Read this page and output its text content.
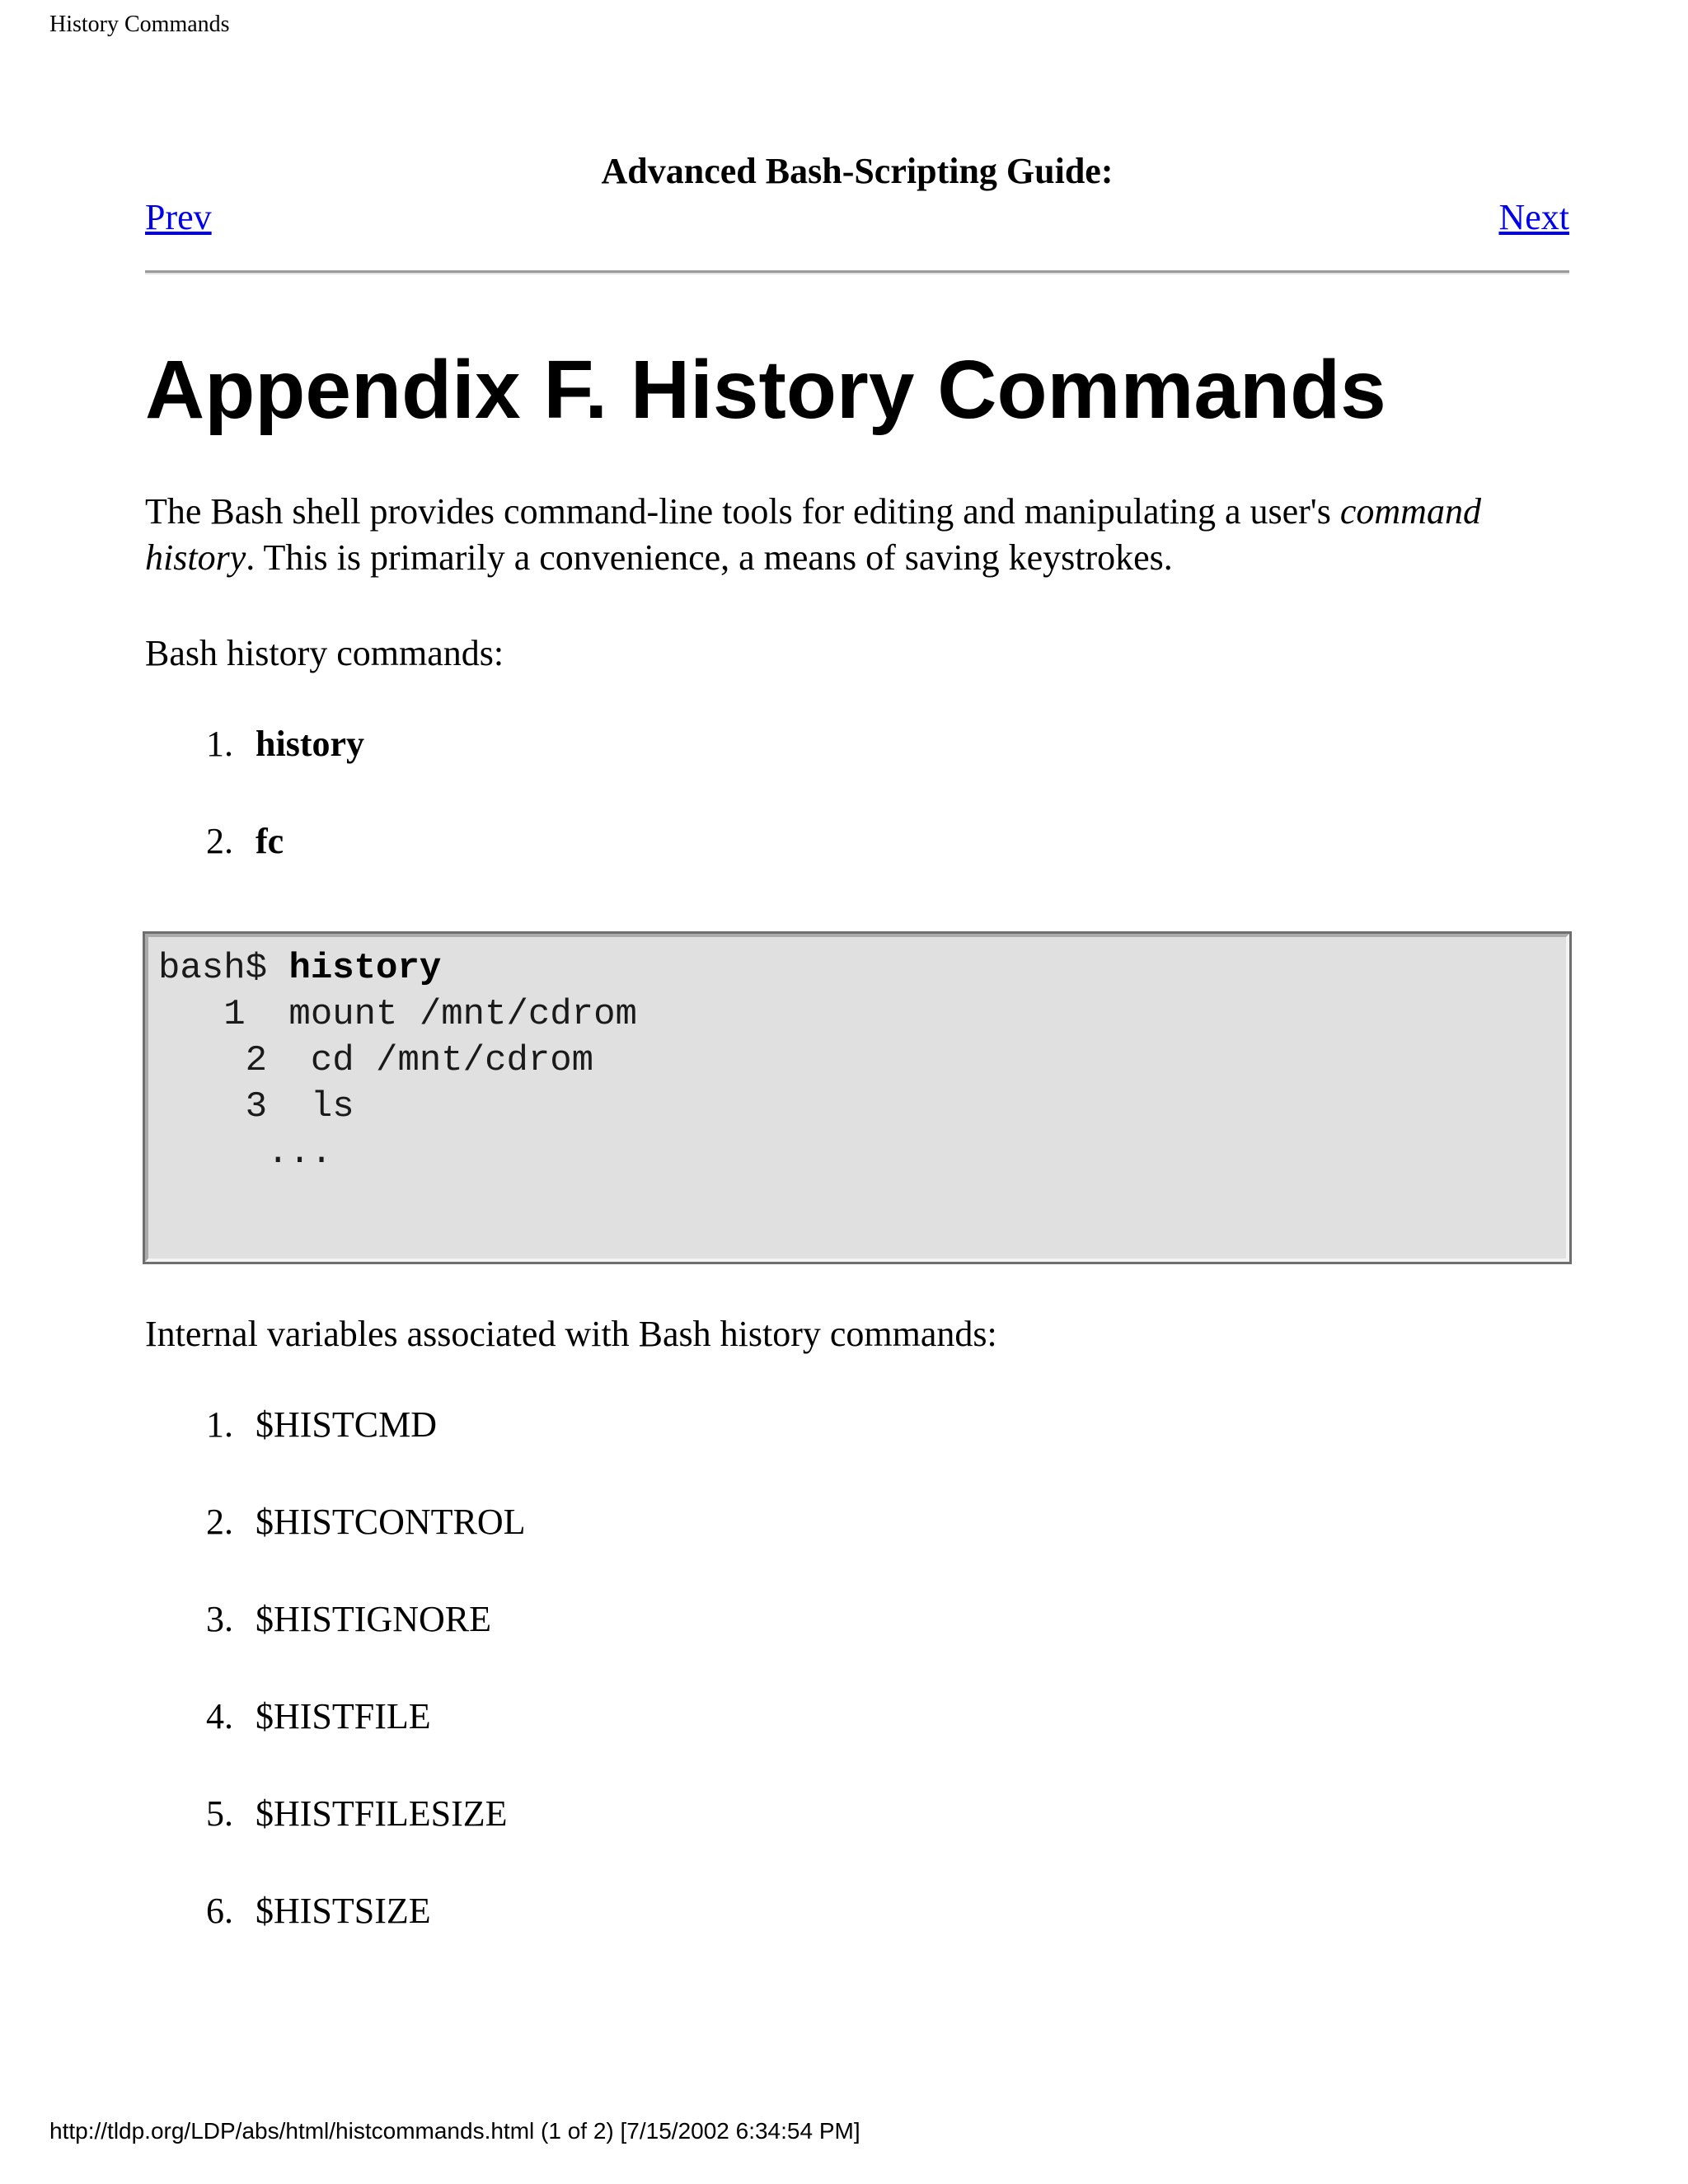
History Commands
Advanced Bash-Scripting Guide:
Prev	Next
Appendix F. History Commands

The Bash shell provides command-line tools for editing and manipulating a user's command history. This is primarily a convenience, a means of saving keystrokes.

Bash history commands:

1. history
2. fc
bash$ history
1  mount /mnt/cdrom
2  cd /mnt/cdrom
3  ls
...

Internal variables associated with Bash history commands:

1. $HISTCMD
2. $HISTCONTROL
3. $HISTIGNORE
4. $HISTFILE
5. $HISTFILESIZE
6. $HISTSIZE
http://tldp.org/LDP/abs/html/histcommands.html (1 of 2) [7/15/2002 6:34:54 PM]
